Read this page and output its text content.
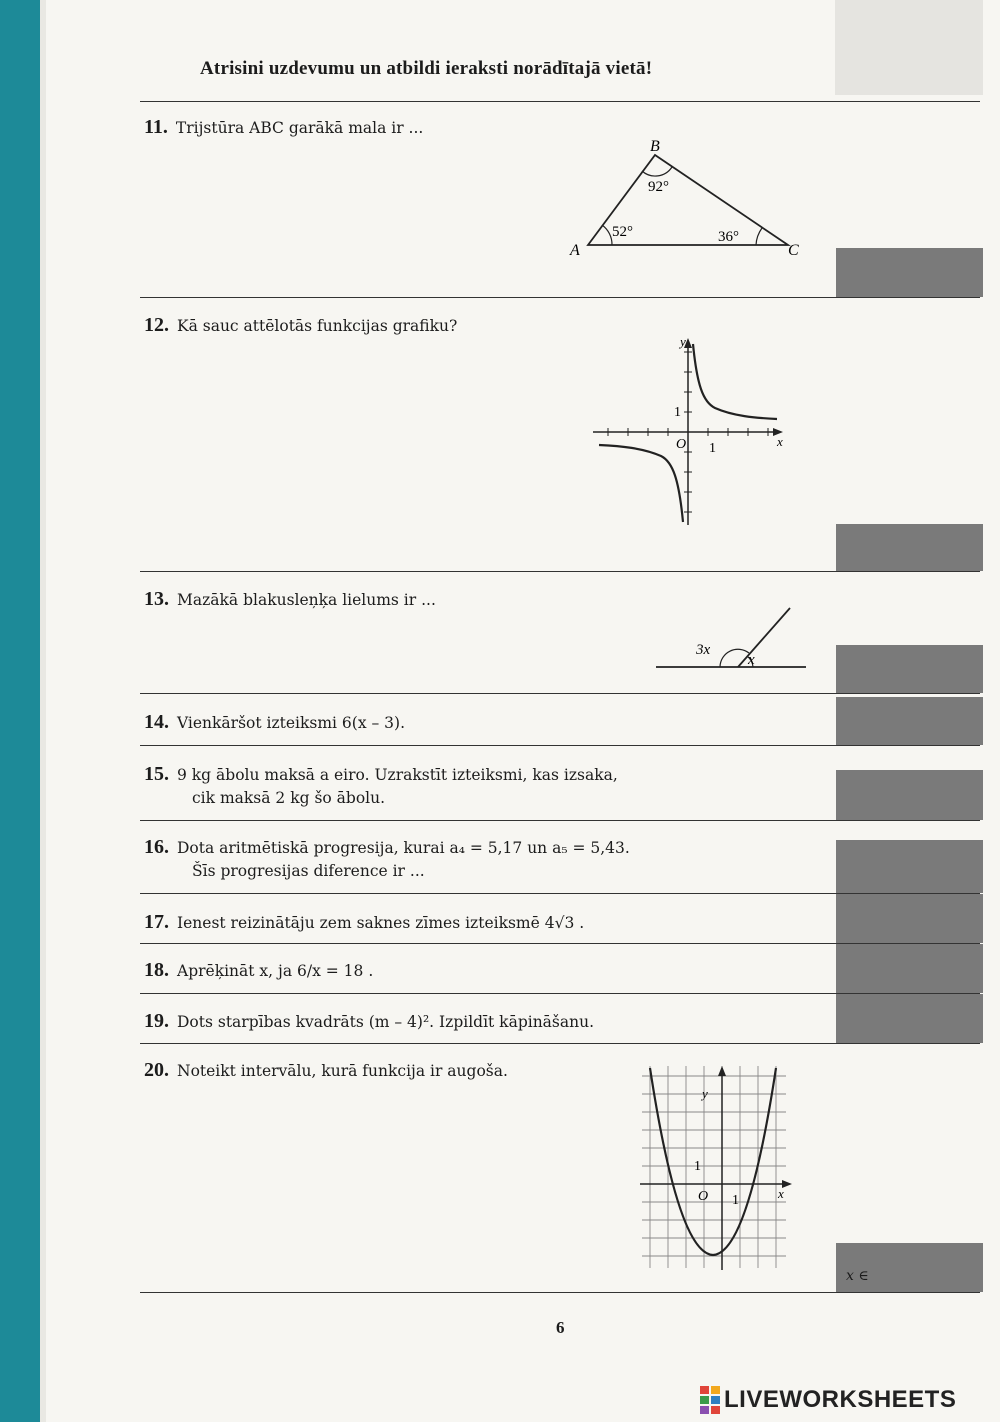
Atrisini uzdevumu un atbildi ieraksti norādītajā vietā!
x ∈
11. Trijstūra ABC garākā mala ir ...
A
B
C
52°
92°
36°
12. Kā sauc attēlotās funkcijas grafiku?
y
x
1
1
O
13. Mazākā blakusleņķa lielums ir ...
3x
x
14. Vienkāršot izteiksmi 6(x – 3).
15. 9 kg ābolu maksā a eiro. Uzrakstīt izteiksmi, kas izsaka,
cik maksā 2 kg šo ābolu.
16. Dota aritmētiskā progresija, kurai a₄ = 5,17 un a₅ = 5,43.
Šīs progresijas diference ir ...
17. Ienest reizinātāju zem saknes zīmes izteiksmē 4√3 .
18. Aprēķināt x, ja 6/x = 18 .
19. Dots starpības kvadrāts (m – 4)². Izpildīt kāpināšanu.
20. Noteikt intervālu, kurā funkcija ir augoša.
y
x
1
1
O
6
LIVEWORKSHEETS
